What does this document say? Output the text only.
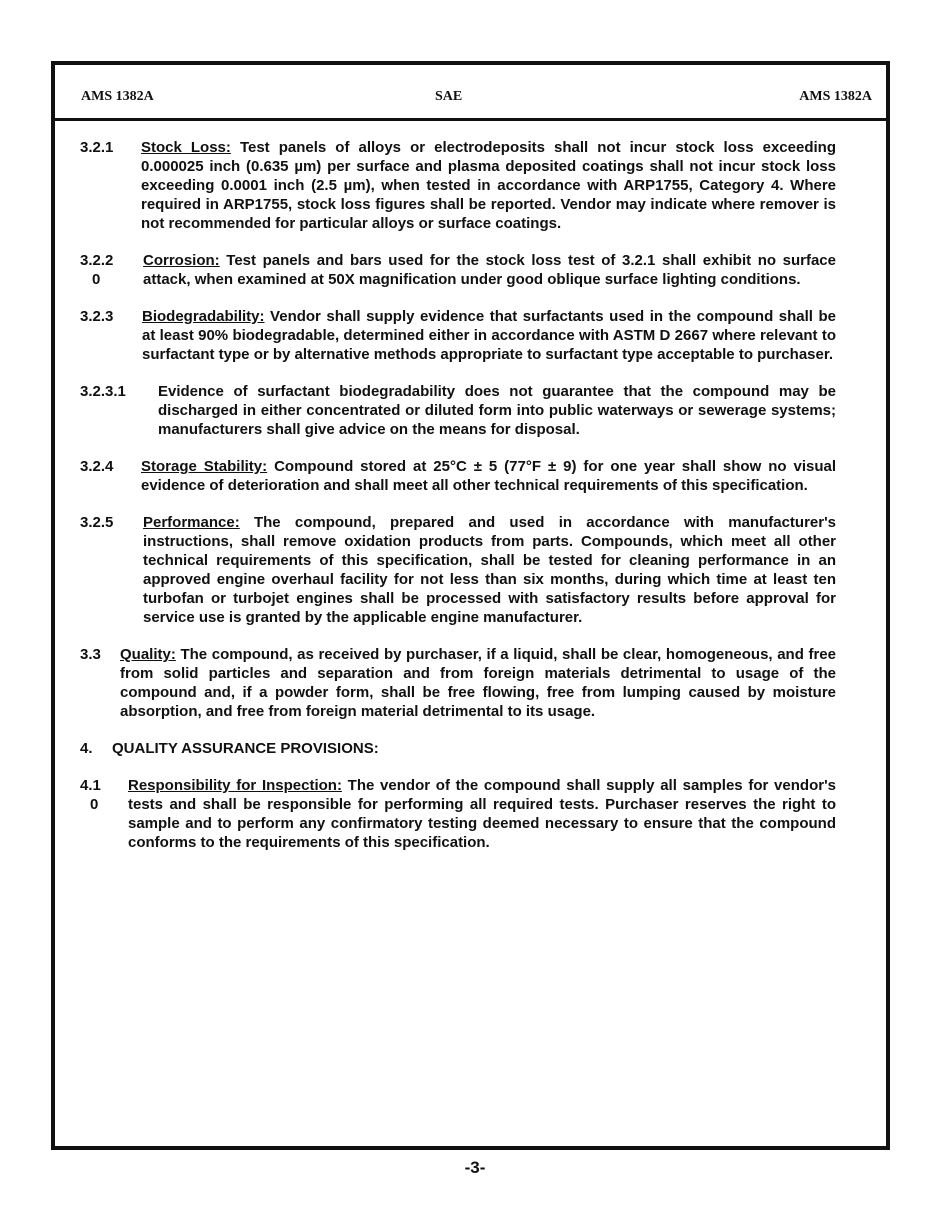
AMS 1382A	SAE	AMS 1382A
3.2.1 Stock Loss: Test panels of alloys or electrodeposits shall not incur stock loss exceeding 0.000025 inch (0.635 µm) per surface and plasma deposited coatings shall not incur stock loss exceeding 0.0001 inch (2.5 µm), when tested in accordance with ARP1755, Category 4. Where required in ARP1755, stock loss figures shall be reported. Vendor may indicate where remover is not recommended for particular alloys or surface coatings.
3.2.2
0
Corrosion: Test panels and bars used for the stock loss test of 3.2.1 shall exhibit no surface attack, when examined at 50X magnification under good oblique surface lighting conditions.
3.2.3 Biodegradability: Vendor shall supply evidence that surfactants used in the compound shall be at least 90% biodegradable, determined either in accordance with ASTM D 2667 where relevant to surfactant type or by alternative methods appropriate to surfactant type acceptable to purchaser.
3.2.3.1 Evidence of surfactant biodegradability does not guarantee that the compound may be discharged in either concentrated or diluted form into public waterways or sewerage systems; manufacturers shall give advice on the means for disposal.
3.2.4 Storage Stability: Compound stored at 25°C ± 5 (77°F ± 9) for one year shall show no visual evidence of deterioration and shall meet all other technical requirements of this specification.
3.2.5 Performance: The compound, prepared and used in accordance with manufacturer's instructions, shall remove oxidation products from parts. Compounds, which meet all other technical requirements of this specification, shall be tested for cleaning performance in an approved engine overhaul facility for not less than six months, during which time at least ten turbofan or turbojet engines shall be processed with satisfactory results before approval for service use is granted by the applicable engine manufacturer.
3.3 Quality: The compound, as received by purchaser, if a liquid, shall be clear, homogeneous, and free from solid particles and separation and from foreign materials detrimental to usage of the compound and, if a powder form, shall be free flowing, free from lumping caused by moisture absorption, and free from foreign material detrimental to its usage.
4. QUALITY ASSURANCE PROVISIONS:
4.1
0
Responsibility for Inspection: The vendor of the compound shall supply all samples for vendor's tests and shall be responsible for performing all required tests. Purchaser reserves the right to sample and to perform any confirmatory testing deemed necessary to ensure that the compound conforms to the requirements of this specification.
-3-
